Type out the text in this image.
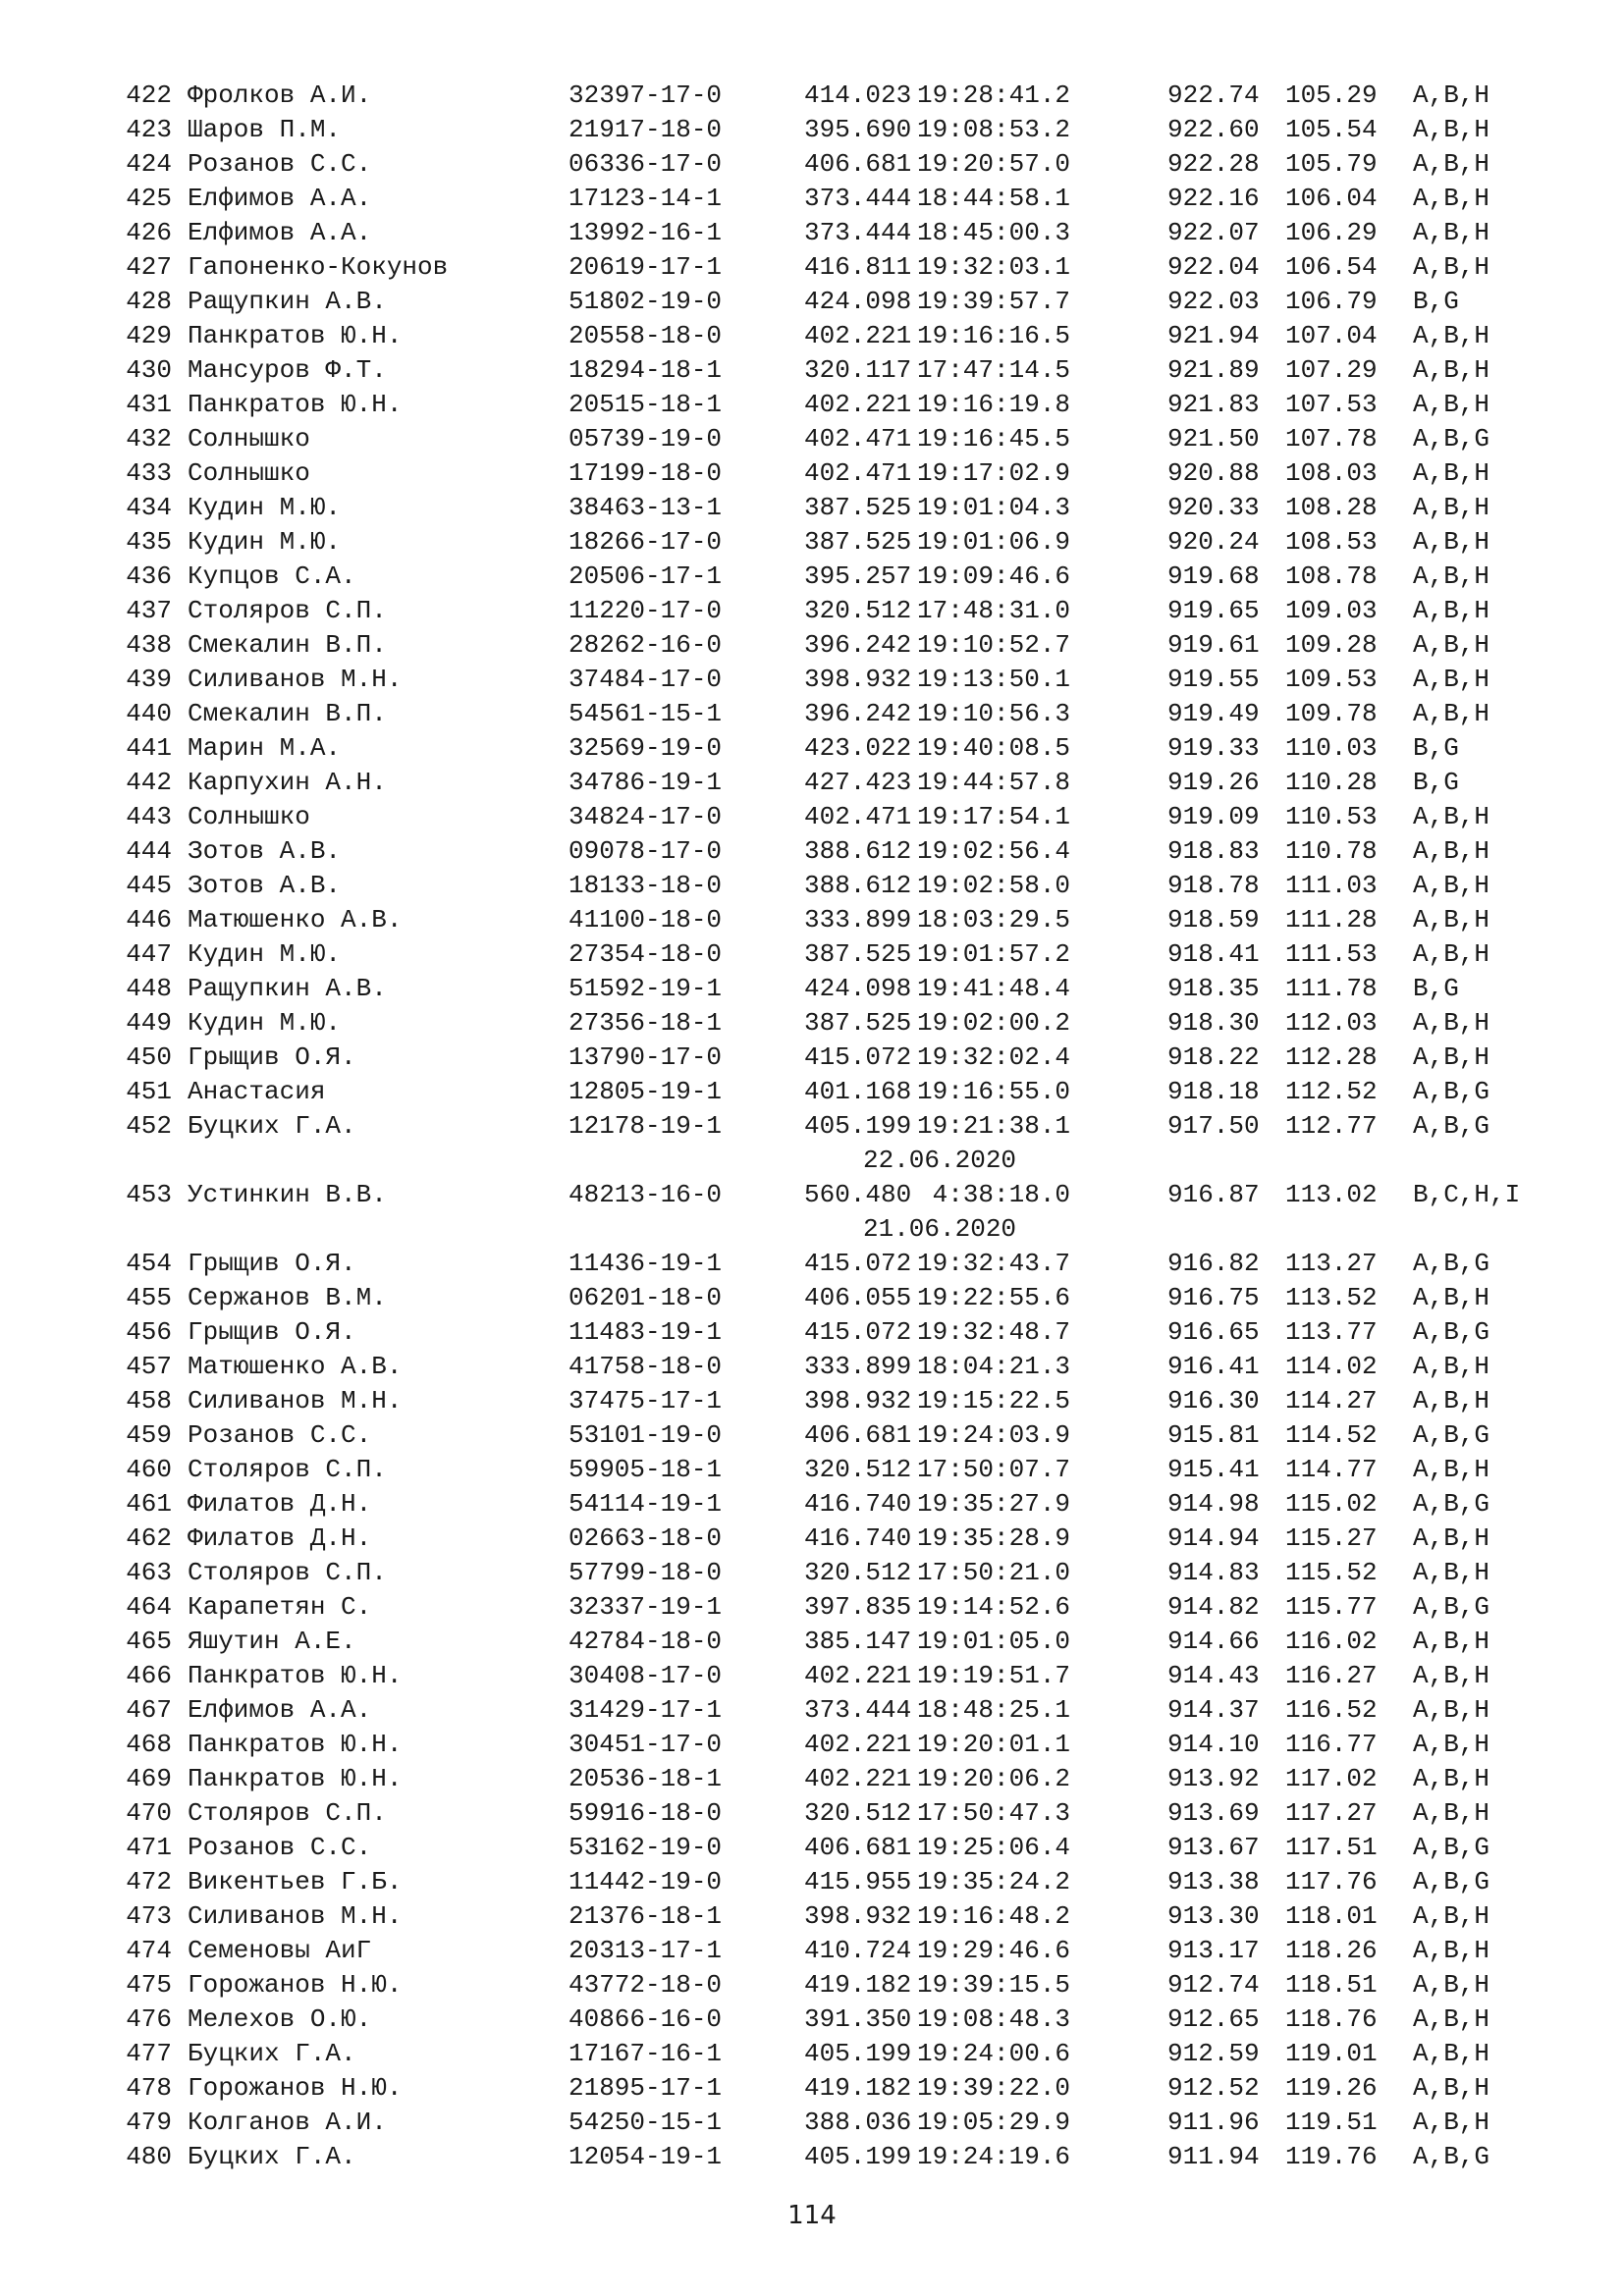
422 Фролков А.И.	32397-17-0	414.023 19:28:41.2	922.74 105.29 A,B,H
423 Шаров П.М.	21917-18-0	395.690 19:08:53.2	922.60 105.54 A,B,H
424 Розанов С.С.	06336-17-0	406.681 19:20:57.0	922.28 105.79 A,B,H
425 Елфимов А.А.	17123-14-1	373.444 18:44:58.1	922.16 106.04 A,B,H
426 Елфимов А.А.	13992-16-1	373.444 18:45:00.3	922.07 106.29 A,B,H
427 Гапоненко-Кокунов	20619-17-1	416.811 19:32:03.1	922.04 106.54 A,B,H
428 Ращупкин А.В.	51802-19-0	424.098 19:39:57.7	922.03 106.79 B,G
429 Панкратов Ю.Н.	20558-18-0	402.221 19:16:16.5	921.94 107.04 A,B,H
430 Мансуров Ф.Т.	18294-18-1	320.117 17:47:14.5	921.89 107.29 A,B,H
431 Панкратов Ю.Н.	20515-18-1	402.221 19:16:19.8	921.83 107.53 A,B,H
432 Солнышко	05739-19-0	402.471 19:16:45.5	921.50 107.78 A,B,G
433 Солнышко	17199-18-0	402.471 19:17:02.9	920.88 108.03 A,B,H
434 Кудин М.Ю.	38463-13-1	387.525 19:01:04.3	920.33 108.28 A,B,H
435 Кудин М.Ю.	18266-17-0	387.525 19:01:06.9	920.24 108.53 A,B,H
436 Купцов С.А.	20506-17-1	395.257 19:09:46.6	919.68 108.78 A,B,H
437 Столяров С.П.	11220-17-0	320.512 17:48:31.0	919.65 109.03 A,B,H
438 Смекалин В.П.	28262-16-0	396.242 19:10:52.7	919.61 109.28 A,B,H
439 Силиванов М.Н.	37484-17-0	398.932 19:13:50.1	919.55 109.53 A,B,H
440 Смекалин В.П.	54561-15-1	396.242 19:10:56.3	919.49 109.78 A,B,H
441 Марин М.А.	32569-19-0	423.022 19:40:08.5	919.33 110.03 B,G
442 Карпухин А.Н.	34786-19-1	427.423 19:44:57.8	919.26 110.28 B,G
443 Солнышко	34824-17-0	402.471 19:17:54.1	919.09 110.53 A,B,H
444 Зотов А.В.	09078-17-0	388.612 19:02:56.4	918.83 110.78 A,B,H
445 Зотов А.В.	18133-18-0	388.612 19:02:58.0	918.78 111.03 A,B,H
446 Матюшенко А.В.	41100-18-0	333.899 18:03:29.5	918.59 111.28 A,B,H
447 Кудин М.Ю.	27354-18-0	387.525 19:01:57.2	918.41 111.53 A,B,H
448 Ращупкин А.В.	51592-19-1	424.098 19:41:48.4	918.35 111.78 B,G
449 Кудин М.Ю.	27356-18-1	387.525 19:02:00.2	918.30 112.03 A,B,H
450 Грыщив О.Я.	13790-17-0	415.072 19:32:02.4	918.22 112.28 A,B,H
451 Анастасия	12805-19-1	401.168 19:16:55.0	918.18 112.52 A,B,G
452 Буцких Г.А.	12178-19-1	405.199 19:21:38.1	917.50 112.77 A,B,G
22.06.2020
453 Устинкин В.В.	48213-16-0	560.480 4:38:18.0	916.87 113.02 B,C,H,I
21.06.2020
454 Грыщив О.Я.	11436-19-1	415.072 19:32:43.7	916.82 113.27 A,B,G
455 Сержанов В.М.	06201-18-0	406.055 19:22:55.6	916.75 113.52 A,B,H
456 Грыщив О.Я.	11483-19-1	415.072 19:32:48.7	916.65 113.77 A,B,G
457 Матюшенко А.В.	41758-18-0	333.899 18:04:21.3	916.41 114.02 A,B,H
458 Силиванов М.Н.	37475-17-1	398.932 19:15:22.5	916.30 114.27 A,B,H
459 Розанов С.С.	53101-19-0	406.681 19:24:03.9	915.81 114.52 A,B,G
460 Столяров С.П.	59905-18-1	320.512 17:50:07.7	915.41 114.77 A,B,H
461 Филатов Д.Н.	54114-19-1	416.740 19:35:27.9	914.98 115.02 A,B,G
462 Филатов Д.Н.	02663-18-0	416.740 19:35:28.9	914.94 115.27 A,B,H
463 Столяров С.П.	57799-18-0	320.512 17:50:21.0	914.83 115.52 A,B,H
464 Карапетян С.	32337-19-1	397.835 19:14:52.6	914.82 115.77 A,B,G
465 Яшутин А.Е.	42784-18-0	385.147 19:01:05.0	914.66 116.02 A,B,H
466 Панкратов Ю.Н.	30408-17-0	402.221 19:19:51.7	914.43 116.27 A,B,H
467 Елфимов А.А.	31429-17-1	373.444 18:48:25.1	914.37 116.52 A,B,H
468 Панкратов Ю.Н.	30451-17-0	402.221 19:20:01.1	914.10 116.77 A,B,H
469 Панкратов Ю.Н.	20536-18-1	402.221 19:20:06.2	913.92 117.02 A,B,H
470 Столяров С.П.	59916-18-0	320.512 17:50:47.3	913.69 117.27 A,B,H
471 Розанов С.С.	53162-19-0	406.681 19:25:06.4	913.67 117.51 A,B,G
472 Викентьев Г.Б.	11442-19-0	415.955 19:35:24.2	913.38 117.76 A,B,G
473 Силиванов М.Н.	21376-18-1	398.932 19:16:48.2	913.30 118.01 A,B,H
474 Семеновы АиГ	20313-17-1	410.724 19:29:46.6	913.17 118.26 A,B,H
475 Горожанов Н.Ю.	43772-18-0	419.182 19:39:15.5	912.74 118.51 A,B,H
476 Мелехов О.Ю.	40866-16-0	391.350 19:08:48.3	912.65 118.76 A,B,H
477 Буцких Г.А.	17167-16-1	405.199 19:24:00.6	912.59 119.01 A,B,H
478 Горожанов Н.Ю.	21895-17-1	419.182 19:39:22.0	912.52 119.26 A,B,H
479 Колганов А.И.	54250-15-1	388.036 19:05:29.9	911.96 119.51 A,B,H
480 Буцких Г.А.	12054-19-1	405.199 19:24:19.6	911.94 119.76 A,B,G
114
